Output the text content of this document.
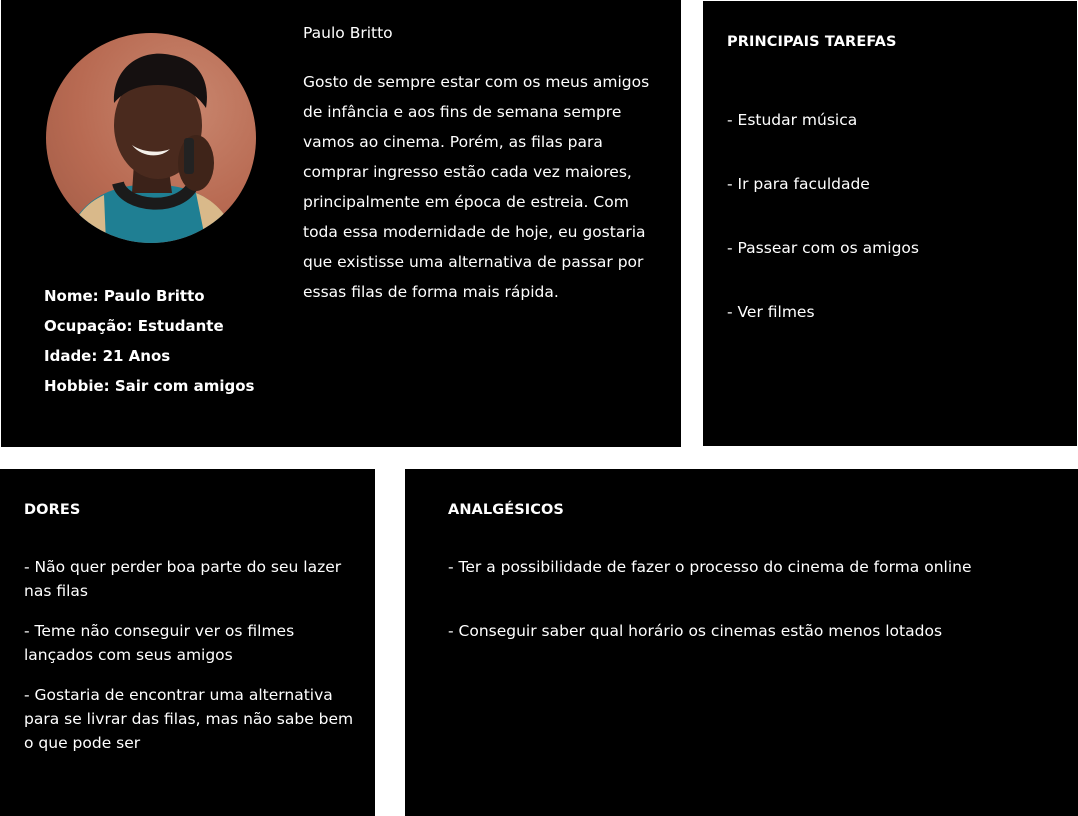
Paulo Britto
Gosto de sempre estar com os meus amigos de infância e aos fins de semana sempre vamos ao cinema. Porém, as filas para comprar ingresso estão cada vez maiores, principalmente em época de estreia. Com toda essa modernidade de hoje, eu gostaria que existisse uma alternativa de passar por essas filas de forma mais rápida.
Nome: Paulo Britto
Ocupação: Estudante
Idade: 21 Anos
Hobbie: Sair com amigos
PRINCIPAIS TAREFAS
- Estudar música
- Ir para faculdade
- Passear com os amigos
- Ver filmes
DORES
- Não quer perder boa parte do seu lazer nas filas
- Teme não conseguir ver os filmes lançados com seus amigos
- Gostaria de encontrar uma alternativa para se livrar das filas, mas não sabe bem o que pode ser
ANALGÉSICOS
- Ter a possibilidade de fazer o processo do cinema de forma online
- Conseguir saber qual horário os cinemas estão menos lotados
